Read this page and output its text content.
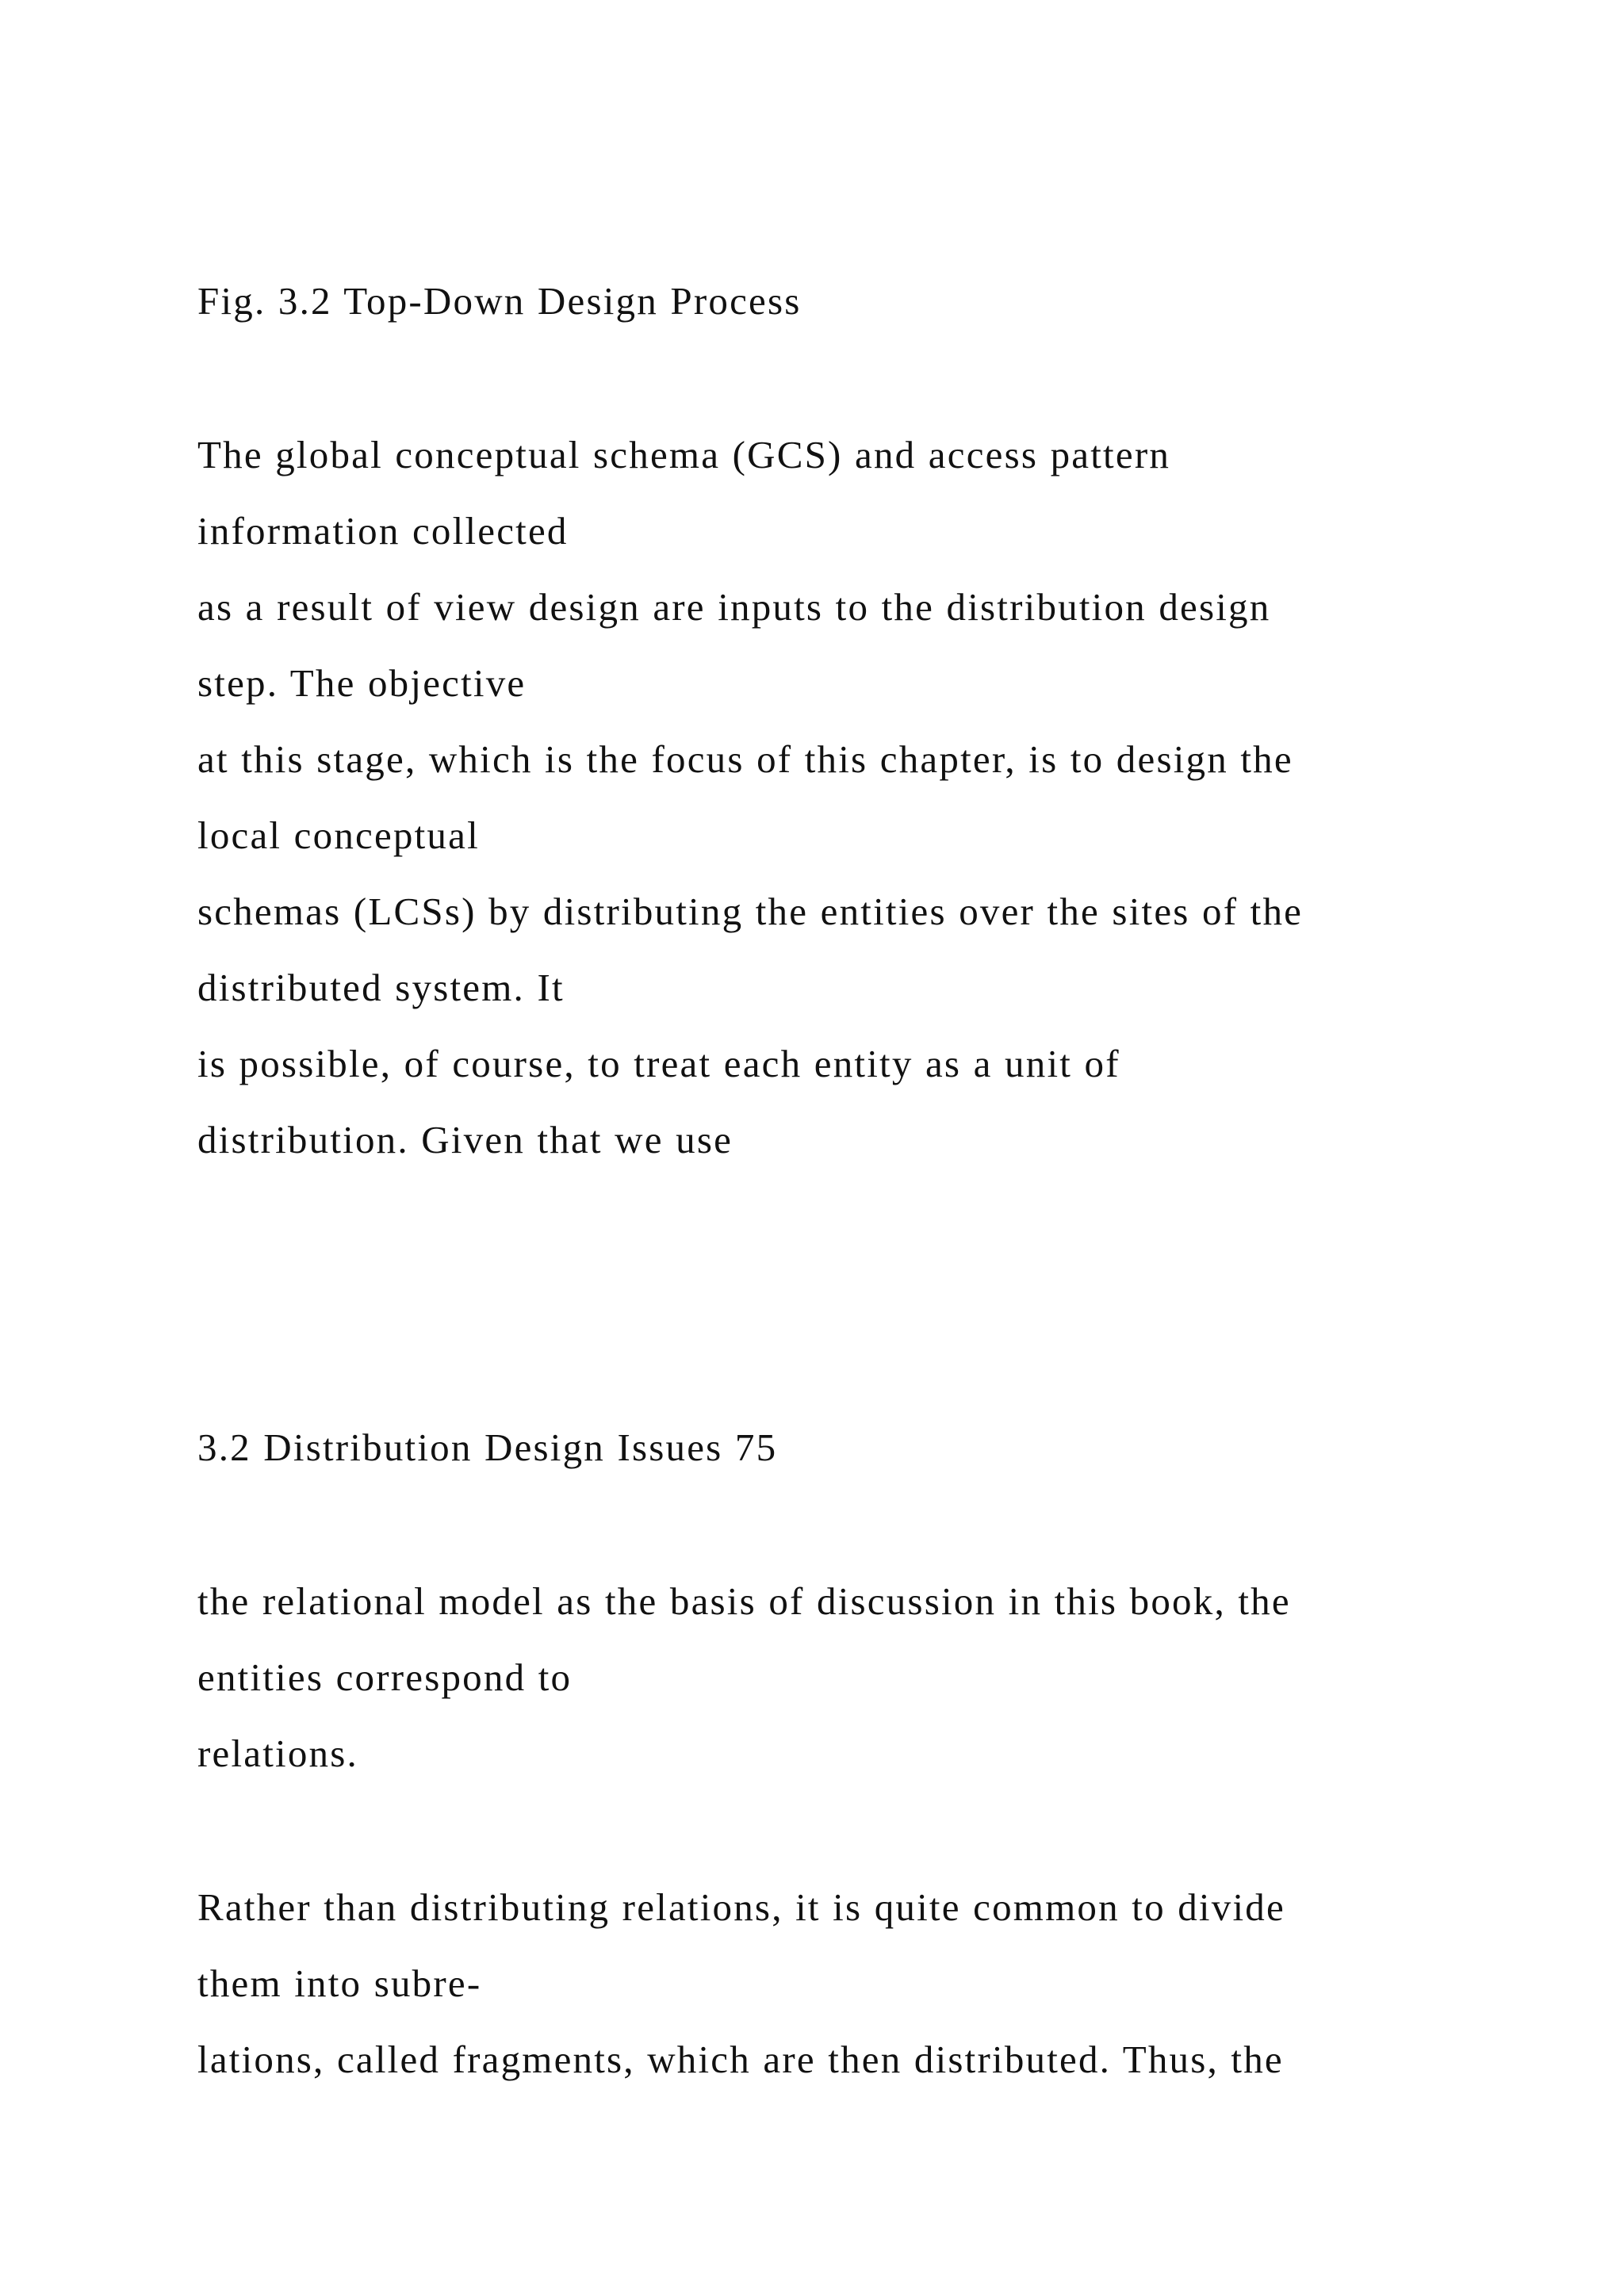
Fig. 3.2 Top-Down Design Process

The global conceptual schema (GCS) and access pattern

information collected

as a result of view design are inputs to the distribution design

step. The objective

at this stage, which is the focus of this chapter, is to design the

local conceptual

schemas (LCSs) by distributing the entities over the sites of the

distributed system. It

is possible, of course, to treat each entity as a unit of

distribution. Given that we use

3.2 Distribution Design Issues 75

the relational model as the basis of discussion in this book, the

entities correspond to

relations.

Rather than distributing relations, it is quite common to divide

them into subre-

lations, called fragments, which are then distributed. Thus, the
